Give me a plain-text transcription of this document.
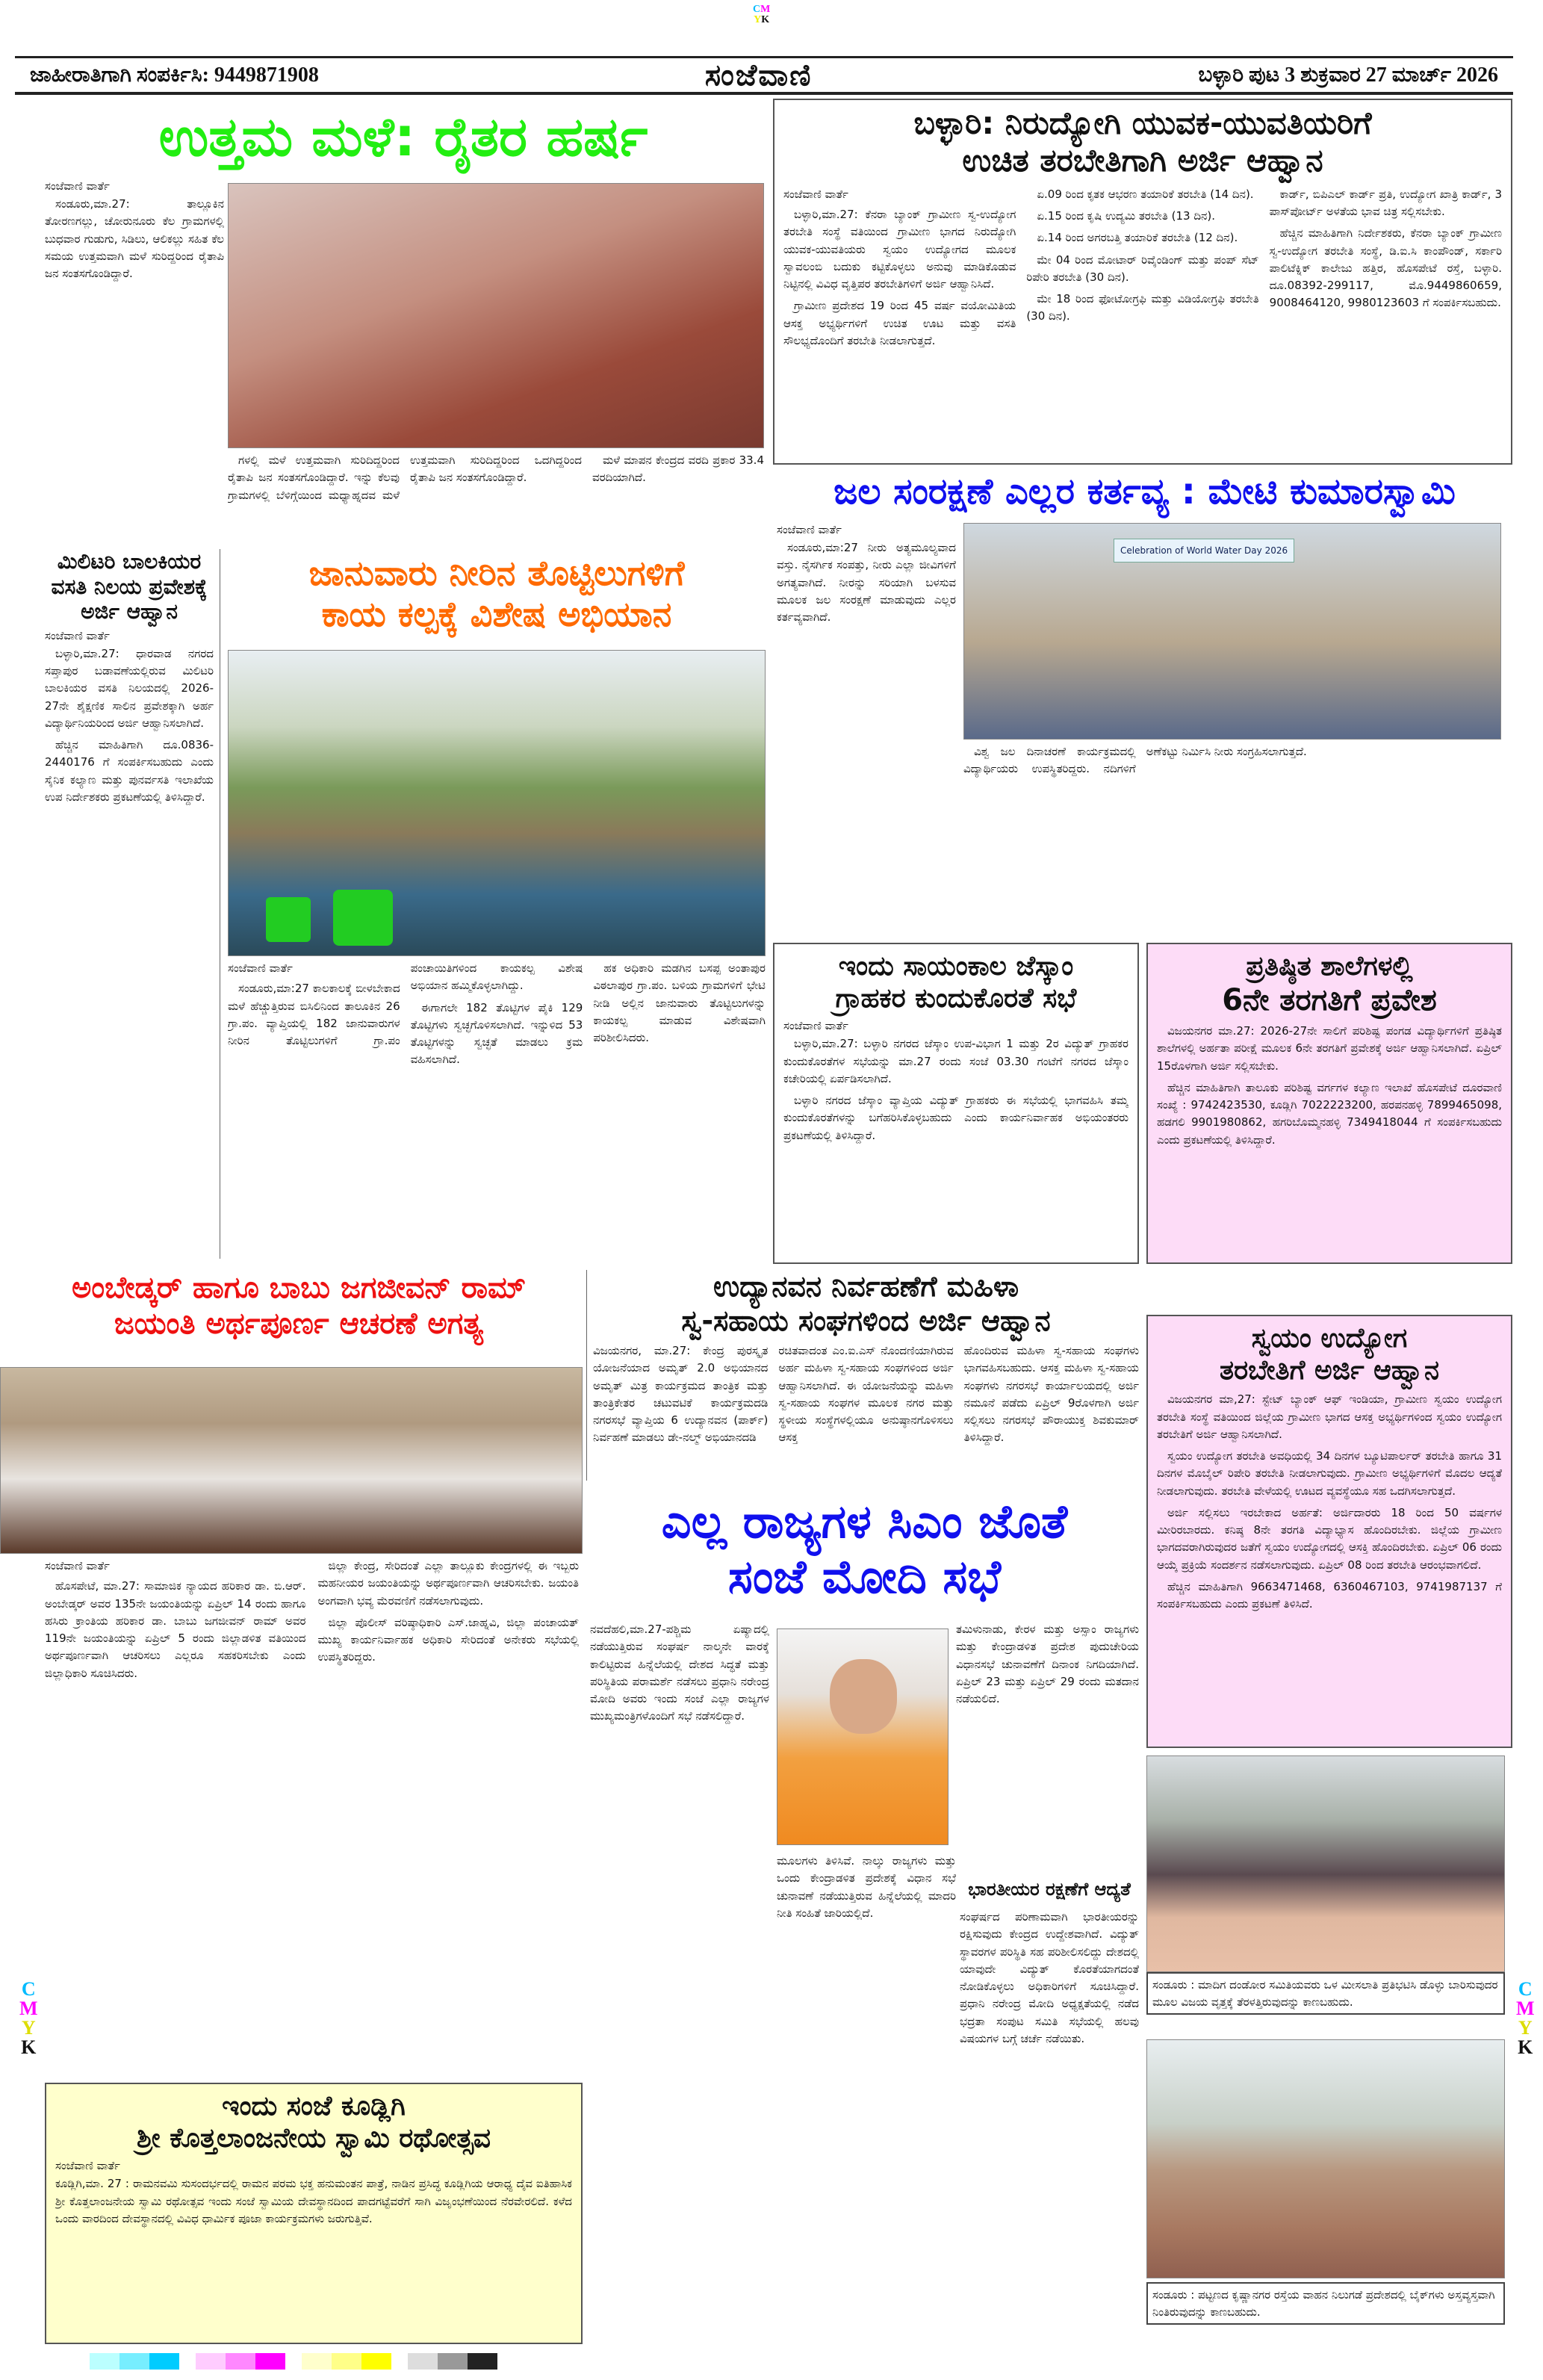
CM
YK
C
M
Y
K
C
M
Y
K
ಜಾಹೀರಾತಿಗಾಗಿ ಸಂಪರ್ಕಿಸಿ: 9449871908	ಸಂಜೆವಾಣಿ	ಬಳ್ಳಾರಿ ಪುಟ 3 ಶುಕ್ರವಾರ 27 ಮಾರ್ಚ್ 2026
ಉತ್ತಮ ಮಳೆ: ರೈತರ ಹರ್ಷ
ಸಂಜೆವಾಣಿ ವಾರ್ತೆ

ಸಂಡೂರು,ಮಾ.27: ತಾಲ್ಲೂಕಿನ ತೋರಣಗಲ್ಲು, ಚೋರುನೂರು ಕೆಲ ಗ್ರಾಮಗಳಲ್ಲಿ ಬುಧವಾರ ಗುಡುಗು, ಸಿಡಿಲು, ಆಲಿಕಲ್ಲು ಸಹಿತ ಕೆಲ ಸಮಯ ಉತ್ತಮವಾಗಿ ಮಳೆ ಸುರಿದ್ದರಿಂದ ರೈತಾಪಿ ಜನ ಸಂತಸಗೊಂಡಿದ್ದಾರೆ.

ಗಳಲ್ಲಿ ಮಳೆ ಉತ್ತಮವಾಗಿ ಸುರಿದಿದ್ದರಿಂದ ರೈತಾಪಿ ಜನ ಸಂತಸಗೊಂಡಿದ್ದಾರೆ. ಇನ್ನು ಕೆಲವು ಗ್ರಾಮಗಳಲ್ಲಿ ಬೆಳಿಗ್ಗೆಯಿಂದ ಮಧ್ಯಾಹ್ನದವ ಮಳೆ ಉತ್ತಮವಾಗಿ ಸುರಿದಿದ್ದರಿಂದ ಒದಗಿದ್ದರಿಂದ ರೈತಾಪಿ ಜನ ಸಂತಸಗೊಂಡಿದ್ದಾರೆ.

ಮಳೆ ಮಾಪನ ಕೇಂದ್ರದ ವರದಿ ಪ್ರಕಾರ 33.4 ವರದಿಯಾಗಿದೆ.

ಬಳ್ಳಾರಿ: ನಿರುದ್ಯೋಗಿ ಯುವಕ-ಯುವತಿಯರಿಗೆ
ಉಚಿತ ತರಬೇತಿಗಾಗಿ ಅರ್ಜಿ ಆಹ್ವಾನ
ಸಂಜೆವಾಣಿ ವಾರ್ತೆ

ಬಳ್ಳಾರಿ,ಮಾ.27: ಕೆನರಾ ಬ್ಯಾಂಕ್ ಗ್ರಾಮೀಣ ಸ್ವ-ಉದ್ಯೋಗ ತರಬೇತಿ ಸಂಸ್ಥೆ ವತಿಯಿಂದ ಗ್ರಾಮೀಣ ಭಾಗದ ನಿರುದ್ಯೋಗಿ ಯುವಕ-ಯುವತಿಯರು ಸ್ವಯಂ ಉದ್ಯೋಗದ ಮೂಲಕ ಸ್ವಾವಲಂಬಿ ಬದುಕು ಕಟ್ಟಿಕೊಳ್ಳಲು ಅನುವು ಮಾಡಿಕೊಡುವ ನಿಟ್ಟಿನಲ್ಲಿ ವಿವಿಧ ವೃತ್ತಿಪರ ತರಬೇತಿಗಳಿಗೆ ಅರ್ಜಿ ಆಹ್ವಾನಿಸಿದೆ.

ಗ್ರಾಮೀಣ ಪ್ರದೇಶದ 19 ರಿಂದ 45 ವರ್ಷ ವಯೋಮಿತಿಯ ಆಸಕ್ತ ಅಭ್ಯರ್ಥಿಗಳಿಗೆ ಉಚಿತ ಊಟ ಮತ್ತು ವಸತಿ ಸೌಲಭ್ಯದೊಂದಿಗೆ ತರಬೇತಿ ನೀಡಲಾಗುತ್ತದೆ.

ಏ.09 ರಿಂದ ಕೃತಕ ಆಭರಣ ತಯಾರಿಕೆ ತರಬೇತಿ (14 ದಿನ).

ಏ.15 ರಿಂದ ಕೃಷಿ ಉದ್ಯಮಿ ತರಬೇತಿ (13 ದಿನ).

ಏ.14 ರಿಂದ ಅಗರಬತ್ತಿ ತಯಾರಿಕೆ ತರಬೇತಿ (12 ದಿನ).

ಮೇ 04 ರಿಂದ ಮೋಟಾರ್ ರಿವೈಂಡಿಂಗ್ ಮತ್ತು ಪಂಪ್ ಸೆಟ್ ರಿಪೇರಿ ತರಬೇತಿ (30 ದಿನ).

ಮೇ 18 ರಿಂದ ಫೋಟೋಗ್ರಫಿ ಮತ್ತು ವಿಡಿಯೋಗ್ರಫಿ ತರಬೇತಿ (30 ದಿನ).

ಕಾರ್ಡ್, ಬಿಪಿಎಲ್ ಕಾರ್ಡ್ ಪ್ರತಿ, ಉದ್ಯೋಗ ಖಾತ್ರಿ ಕಾರ್ಡ್, 3 ಪಾಸ್‌ಪೋರ್ಟ್ ಅಳತೆಯ ಭಾವ ಚಿತ್ರ ಸಲ್ಲಿಸಬೇಕು.

ಹೆಚ್ಚಿನ ಮಾಹಿತಿಗಾಗಿ ನಿರ್ದೇಶಕರು, ಕೆನರಾ ಬ್ಯಾಂಕ್ ಗ್ರಾಮೀಣ ಸ್ವ-ಉದ್ಯೋಗ ತರಬೇತಿ ಸಂಸ್ಥೆ, ಡಿ.ಐ.ಸಿ ಕಾಂಪೌಂಡ್, ಸರ್ಕಾರಿ ಪಾಲಿಟೆಕ್ನಿಕ್ ಕಾಲೇಜು ಹತ್ತಿರ, ಹೊಸಪೇಟೆ ರಸ್ತೆ, ಬಳ್ಳಾರಿ. ದೂ.08392-299117, ಮೊ.9449860659, 9008464120, 9980123603 ಗೆ ಸಂಪರ್ಕಿಸಬಹುದು.

ಜಲ ಸಂರಕ್ಷಣೆ ಎಲ್ಲರ ಕರ್ತವ್ಯ : ಮೇಟಿ ಕುಮಾರಸ್ವಾಮಿ
ಸಂಜೆವಾಣಿ ವಾರ್ತೆ

ಸಂಡೂರು,ಮಾ:27 ನೀರು ಅತ್ಯಮೂಲ್ಯವಾದ ವಸ್ತು. ನೈಸರ್ಗಿಕ ಸಂಪತ್ತು, ನೀರು ಎಲ್ಲಾ ಜೀವಿಗಳಿಗೆ ಅಗತ್ಯವಾಗಿದೆ. ನೀರನ್ನು ಸರಿಯಾಗಿ ಬಳಸುವ ಮೂಲಕ ಜಲ ಸಂರಕ್ಷಣೆ ಮಾಡುವುದು ಎಲ್ಲರ ಕರ್ತವ್ಯವಾಗಿದೆ.

Celebration of World Water Day 2026

ವಿಶ್ವ ಜಲ ದಿನಾಚರಣೆ ಕಾರ್ಯಕ್ರಮದಲ್ಲಿ ವಿದ್ಯಾರ್ಥಿಯರು ಉಪಸ್ಥಿತರಿದ್ದರು. ನದಿಗಳಿಗೆ ಅಣೆಕಟ್ಟು ನಿರ್ಮಿಸಿ ನೀರು ಸಂಗ್ರಹಿಸಲಾಗುತ್ತದೆ.

ಮಿಲಿಟರಿ ಬಾಲಕಿಯರ ವಸತಿ ನಿಲಯ ಪ್ರವೇಶಕ್ಕೆ ಅರ್ಜಿ ಆಹ್ವಾನ
ಸಂಜೆವಾಣಿ ವಾರ್ತೆ

ಬಳ್ಳಾರಿ,ಮಾ.27: ಧಾರವಾಡ ನಗರದ ಸಪ್ತಾಪುರ ಬಡಾವಣೆಯಲ್ಲಿರುವ ಮಿಲಿಟರಿ ಬಾಲಕಿಯರ ವಸತಿ ನಿಲಯದಲ್ಲಿ 2026-27ನೇ ಶೈಕ್ಷಣಿಕ ಸಾಲಿನ ಪ್ರವೇಶಕ್ಕಾಗಿ ಅರ್ಹ ವಿದ್ಯಾರ್ಥಿನಿಯರಿಂದ ಅರ್ಜಿ ಆಹ್ವಾನಿಸಲಾಗಿದೆ.

ಹೆಚ್ಚಿನ ಮಾಹಿತಿಗಾಗಿ ದೂ.0836-2440176 ಗೆ ಸಂಪರ್ಕಿಸಬಹುದು ಎಂದು ಸೈನಿಕ ಕಲ್ಯಾಣ ಮತ್ತು ಪುನರ್ವಸತಿ ಇಲಾಖೆಯ ಉಪ ನಿರ್ದೇಶಕರು ಪ್ರಕಟಣೆಯಲ್ಲಿ ತಿಳಿಸಿದ್ದಾರೆ.

ಜಾನುವಾರು ನೀರಿನ ತೊಟ್ಟಿಲುಗಳಿಗೆ
ಕಾಯ ಕಲ್ಪಕ್ಕೆ ವಿಶೇಷ ಅಭಿಯಾನ
ಸಂಜೆವಾಣಿ ವಾರ್ತೆ

ಸಂಡೂರು,ಮಾ:27 ಕಾಲಕಾಲಕ್ಕೆ ಬೀಳಬೇಕಾದ ಮಳೆ ಹೆಚ್ಚುತ್ತಿರುವ ಬಿಸಿಲಿನಿಂದ ತಾಲೂಕಿನ 26 ಗ್ರಾ.ಪಂ. ವ್ಯಾಪ್ತಿಯಲ್ಲಿ 182 ಜಾನುವಾರುಗಳ ನೀರಿನ ತೊಟ್ಟಿಲುಗಳಿಗೆ ಗ್ರಾ.ಪಂ ಪಂಚಾಯಿತಿಗಳಿಂದ ಕಾಯಕಲ್ಪ ವಿಶೇಷ ಅಭಿಯಾನ ಹಮ್ಮಿಕೊಳ್ಳಲಾಗಿದ್ದು.

ಈಗಾಗಲೇ 182 ತೊಟ್ಟಿಗಳ ಪೈಕಿ 129 ತೊಟ್ಟಿಗಳು ಸ್ವಚ್ಛಗೊಳಿಸಲಾಗಿದೆ. ಇನ್ನುಳಿದ 53 ತೊಟ್ಟಿಗಳನ್ನು ಸ್ವಚ್ಛತೆ ಮಾಡಲು ಕ್ರಮ ವಹಿಸಲಾಗಿದೆ.

ಹಕ ಅಧಿಕಾರಿ ಮಡಗಿನ ಬಸಪ್ಪ ಅಂತಾಪುರ ವಿಠಲಾಪುರ ಗ್ರಾ.ಪಂ. ಬಳಿಯ ಗ್ರಾಮಗಳಿಗೆ ಭೇಟಿ ನೀಡಿ ಅಲ್ಲಿನ ಜಾನುವಾರು ತೊಟ್ಟಿಲುಗಳನ್ನು ಕಾಯಕಲ್ಪ ಮಾಡುವ ವಿಶೇಷವಾಗಿ ಪರಿಶೀಲಿಸಿದರು.

ಇಂದು ಸಾಯಂಕಾಲ ಜೆಸ್ಕಾಂ
ಗ್ರಾಹಕರ ಕುಂದುಕೊರತೆ ಸಭೆ
ಸಂಜೆವಾಣಿ ವಾರ್ತೆ

ಬಳ್ಳಾರಿ,ಮಾ.27: ಬಳ್ಳಾರಿ ನಗರದ ಜೆಸ್ಕಾಂ ಉಪ-ವಿಭಾಗ 1 ಮತ್ತು 2ರ ವಿದ್ಯುತ್ ಗ್ರಾಹಕರ ಕುಂದುಕೊರತೆಗಳ ಸಭೆಯನ್ನು ಮಾ.27 ರಂದು ಸಂಜೆ 03.30 ಗಂಟೆಗೆ ನಗರದ ಜೆಸ್ಕಾಂ ಕಚೇರಿಯಲ್ಲಿ ಏರ್ಪಡಿಸಲಾಗಿದೆ.

ಬಳ್ಳಾರಿ ನಗರದ ಜೆಸ್ಕಾಂ ವ್ಯಾಪ್ತಿಯ ವಿದ್ಯುತ್ ಗ್ರಾಹಕರು ಈ ಸಭೆಯಲ್ಲಿ ಭಾಗವಹಿಸಿ ತಮ್ಮ ಕುಂದುಕೊರತೆಗಳನ್ನು ಬಗೆಹರಿಸಿಕೊಳ್ಳಬಹುದು ಎಂದು ಕಾರ್ಯನಿರ್ವಾಹಕ ಅಭಿಯಂತರರು ಪ್ರಕಟಣೆಯಲ್ಲಿ ತಿಳಿಸಿದ್ದಾರೆ.

ಪ್ರತಿಷ್ಠಿತ ಶಾಲೆಗಳಲ್ಲಿ
6ನೇ ತರಗತಿಗೆ ಪ್ರವೇಶ

ವಿಜಯನಗರ ಮಾ.27: 2026-27ನೇ ಸಾಲಿಗೆ ಪರಿಶಿಷ್ಟ ಪಂಗಡ ವಿದ್ಯಾರ್ಥಿಗಳಿಗೆ ಪ್ರತಿಷ್ಠಿತ ಶಾಲೆಗಳಲ್ಲಿ ಅರ್ಹತಾ ಪರೀಕ್ಷೆ ಮೂಲಕ 6ನೇ ತರಗತಿಗೆ ಪ್ರವೇಶಕ್ಕೆ ಅರ್ಜಿ ಆಹ್ವಾನಿಸಲಾಗಿದೆ. ಏಪ್ರಿಲ್ 15ರೊಳಗಾಗಿ ಅರ್ಜಿ ಸಲ್ಲಿಸಬೇಕು.

ಹೆಚ್ಚಿನ ಮಾಹಿತಿಗಾಗಿ ತಾಲೂಕು ಪರಿಶಿಷ್ಟ ವರ್ಗಗಳ ಕಲ್ಯಾಣ ಇಲಾಖೆ ಹೊಸಪೇಟೆ ದೂರವಾಣಿ ಸಂಖ್ಯೆ : 9742423530, ಕೂಡ್ಲಿಗಿ 7022223200, ಹರಪನಹಳ್ಳಿ 7899465098, ಹಡಗಲಿ 9901980862, ಹಗರಿಬೊಮ್ಮನಹಳ್ಳಿ 7349418044 ಗೆ ಸಂಪರ್ಕಿಸಬಹುದು ಎಂದು ಪ್ರಕಟಣೆಯಲ್ಲಿ ತಿಳಿಸಿದ್ದಾರೆ.

ಅಂಬೇಡ್ಕರ್ ಹಾಗೂ ಬಾಬು ಜಗಜೀವನ್ ರಾಮ್
ಜಯಂತಿ ಅರ್ಥಪೂರ್ಣ ಆಚರಣೆ ಅಗತ್ಯ
ಸಂಜೆವಾಣಿ ವಾರ್ತೆ

ಹೊಸಪೇಟೆ, ಮಾ.27: ಸಾಮಾಜಿಕ ನ್ಯಾಯದ ಹರಿಕಾರ ಡಾ. ಬಿ.ಆರ್. ಅಂಬೇಡ್ಕರ್ ಅವರ 135ನೇ ಜಯಂತಿಯನ್ನು ಏಪ್ರಿಲ್ 14 ರಂದು ಹಾಗೂ ಹಸಿರು ಕ್ರಾಂತಿಯ ಹರಿಕಾರ ಡಾ. ಬಾಬು ಜಗಜೀವನ್ ರಾಮ್ ಅವರ 119ನೇ ಜಯಂತಿಯನ್ನು ಏಪ್ರಿಲ್ 5 ರಂದು ಜಿಲ್ಲಾಡಳಿತ ವತಿಯಿಂದ ಅರ್ಥಪೂರ್ಣವಾಗಿ ಆಚರಿಸಲು ಎಲ್ಲರೂ ಸಹಕರಿಸಬೇಕು ಎಂದು ಜಿಲ್ಲಾಧಿಕಾರಿ ಸೂಚಿಸಿದರು.

ಜಿಲ್ಲಾ ಕೇಂದ್ರ, ಸೇರಿದಂತೆ ಎಲ್ಲಾ ತಾಲ್ಲೂಕು ಕೇಂದ್ರಗಳಲ್ಲಿ ಈ ಇಬ್ಬರು ಮಹನೀಯರ ಜಯಂತಿಯನ್ನು ಅರ್ಥಪೂರ್ಣವಾಗಿ ಆಚರಿಸಬೇಕು. ಜಯಂತಿ ಅಂಗವಾಗಿ ಭವ್ಯ ಮೆರವಣಿಗೆ ನಡೆಸಲಾಗುವುದು.

ಜಿಲ್ಲಾ ಪೊಲೀಸ್ ವರಿಷ್ಠಾಧಿಕಾರಿ ಎಸ್.ಜಾಹ್ನವಿ, ಜಿಲ್ಲಾ ಪಂಚಾಯತ್ ಮುಖ್ಯ ಕಾರ್ಯನಿರ್ವಾಹಕ ಅಧಿಕಾರಿ ಸೇರಿದಂತೆ ಅನೇಕರು ಸಭೆಯಲ್ಲಿ ಉಪಸ್ಥಿತರಿದ್ದರು.

ಉದ್ಯಾನವನ ನಿರ್ವಹಣೆಗೆ ಮಹಿಳಾ
ಸ್ವ-ಸಹಾಯ ಸಂಘಗಳಿಂದ ಅರ್ಜಿ ಆಹ್ವಾನ
ವಿಜಯನಗರ, ಮಾ.27: ಕೇಂದ್ರ ಪುರಸ್ಕೃತ ಯೋಜನೆಯಾದ ಅಮೃತ್ 2.0 ಅಭಿಯಾನದ ಅಮೃತ್ ಮಿತ್ರ ಕಾರ್ಯಕ್ರಮದ ತಾಂತ್ರಿಕ ಮತ್ತು ತಾಂತ್ರಿಕೇತರ ಚಟುವಟಿಕೆ ಕಾರ್ಯಕ್ರಮದಡಿ ನಗರಸಭೆ ವ್ಯಾಪ್ತಿಯ 6 ಉದ್ಯಾನವನ (ಪಾರ್ಕ್) ನಿರ್ವಹಣೆ ಮಾಡಲು ಡೇ-ನಲ್ಮ್ ಅಭಿಯಾನದಡಿ
ರಚಿತವಾದಂತ ಎಂ.ಐ.ಎಸ್ ನೊಂದಣಿಯಾಗಿರುವ ಅರ್ಹ ಮಹಿಳಾ ಸ್ವ-ಸಹಾಯ ಸಂಘಗಳಿಂದ ಅರ್ಜಿ ಆಹ್ವಾನಿಸಲಾಗಿದೆ. ಈ ಯೋಜನೆಯನ್ನು ಮಹಿಳಾ ಸ್ವ-ಸಹಾಯ ಸಂಘಗಳ ಮೂಲಕ ನಗರ ಮತ್ತು ಸ್ಥಳೀಯ ಸಂಸ್ಥೆಗಳಲ್ಲಿಯೂ ಅನುಷ್ಠಾನಗೊಳಿಸಲು ಆಸಕ್ತ
ಹೊಂದಿರುವ ಮಹಿಳಾ ಸ್ವ-ಸಹಾಯ ಸಂಘಗಳು ಭಾಗವಹಿಸಬಹುದು. ಆಸಕ್ತ ಮಹಿಳಾ ಸ್ವ-ಸಹಾಯ ಸಂಘಗಳು ನಗರಸಭೆ ಕಾರ್ಯಾಲಯದಲ್ಲಿ ಅರ್ಜಿ ನಮೂನೆ ಪಡೆದು ಏಪ್ರಿಲ್ 9ರೊಳಗಾಗಿ ಅರ್ಜಿ ಸಲ್ಲಿಸಲು ನಗರಸಭೆ ಪೌರಾಯುಕ್ತ ಶಿವಕುಮಾರ್ ತಿಳಿಸಿದ್ದಾರೆ.
ಸ್ವಯಂ ಉದ್ಯೋಗ
ತರಬೇತಿಗೆ ಅರ್ಜಿ ಆಹ್ವಾನ

ವಿಜಯನಗರ ಮಾ,27: ಸ್ಟೇಟ್ ಬ್ಯಾಂಕ್ ಆಫ್ ಇಂಡಿಯಾ, ಗ್ರಾಮೀಣ ಸ್ವಯಂ ಉದ್ಯೋಗ ತರಬೇತಿ ಸಂಸ್ಥೆ ವತಿಯಿಂದ ಜಿಲ್ಲೆಯ ಗ್ರಾಮೀಣ ಭಾಗದ ಆಸಕ್ತ ಅಭ್ಯರ್ಥಿಗಳಿಂದ ಸ್ವಯಂ ಉದ್ಯೋಗ ತರಬೇತಿಗೆ ಅರ್ಜಿ ಆಹ್ವಾನಿಸಲಾಗಿದೆ.

ಸ್ವಯಂ ಉದ್ಯೋಗ ತರಬೇತಿ ಅವಧಿಯಲ್ಲಿ 34 ದಿನಗಳ ಬ್ಯೂಟಿಪಾರ್ಲರ್ ತರಬೇತಿ ಹಾಗೂ 31 ದಿನಗಳ ಮೊಬೈಲ್ ರಿಪೇರಿ ತರಬೇತಿ ನೀಡಲಾಗುವುದು. ಗ್ರಾಮೀಣ ಅಭ್ಯರ್ಥಿಗಳಿಗೆ ಮೊದಲ ಆದ್ಯತೆ ನೀಡಲಾಗುವುದು. ತರಬೇತಿ ವೇಳೆಯಲ್ಲಿ ಊಟದ ವ್ಯವಸ್ಥೆಯೂ ಸಹ ಒದಗಿಸಲಾಗುತ್ತದೆ.

ಅರ್ಜಿ ಸಲ್ಲಿಸಲು ಇರಬೇಕಾದ ಅರ್ಹತೆ: ಅರ್ಜಿದಾರರು 18 ರಿಂದ 50 ವರ್ಷಗಳ ಮೀರಿರಬಾರದು. ಕನಿಷ್ಠ 8ನೇ ತರಗತಿ ವಿದ್ಯಾಭ್ಯಾಸ ಹೊಂದಿರಬೇಕು. ಜಿಲ್ಲೆಯ ಗ್ರಾಮೀಣ ಭಾಗದವರಾಗಿರುವುದರ ಜತೆಗೆ ಸ್ವಯಂ ಉದ್ಯೋಗದಲ್ಲಿ ಆಸಕ್ತಿ ಹೊಂದಿರಬೇಕು. ಏಪ್ರಿಲ್ 06 ರಂದು ಆಯ್ಕೆ ಪ್ರಕ್ರಿಯೆ ಸಂದರ್ಶನ ನಡೆಸಲಾಗುವುದು. ಏಪ್ರಿಲ್ 08 ರಿಂದ ತರಬೇತಿ ಆರಂಭವಾಗಲಿದೆ.

ಹೆಚ್ಚಿನ ಮಾಹಿತಿಗಾಗಿ 9663471468, 6360467103, 9741987137 ಗೆ ಸಂಪರ್ಕಿಸಬಹುದು ಎಂದು ಪ್ರಕಟಣೆ ತಿಳಿಸಿದೆ.

ಎಲ್ಲ ರಾಜ್ಯಗಳ ಸಿಎಂ ಜೊತೆ
ಸಂಜೆ ಮೋದಿ ಸಭೆ
ನವದೆಹಲಿ,ಮಾ.27-ಪಶ್ಚಿಮ ಏಷ್ಯಾದಲ್ಲಿ ನಡೆಯುತ್ತಿರುವ ಸಂಘರ್ಷ ನಾಲ್ಕನೇ ವಾರಕ್ಕೆ ಕಾಲಿಟ್ಟಿರುವ ಹಿನ್ನೆಲೆಯಲ್ಲಿ ದೇಶದ ಸಿದ್ಧತೆ ಮತ್ತು ಪರಿಸ್ಥಿತಿಯ ಪರಾಮರ್ಶೆ ನಡೆಸಲು ಪ್ರಧಾನಿ ನರೇಂದ್ರ ಮೋದಿ ಅವರು ಇಂದು ಸಂಜೆ ಎಲ್ಲಾ ರಾಜ್ಯಗಳ ಮುಖ್ಯಮಂತ್ರಿಗಳೊಂದಿಗೆ ಸಭೆ ನಡೆಸಲಿದ್ದಾರೆ.
ತಮಿಳುನಾಡು, ಕೇರಳ ಮತ್ತು ಅಸ್ಸಾಂ ರಾಜ್ಯಗಳು ಮತ್ತು ಕೇಂದ್ರಾಡಳಿತ ಪ್ರದೇಶ ಪುದುಚೇರಿಯ ವಿಧಾನಸಭೆ ಚುನಾವಣೆಗೆ ದಿನಾಂಕ ನಿಗದಿಯಾಗಿದೆ. ಏಪ್ರಿಲ್ 23 ಮತ್ತು ಏಪ್ರಿಲ್ 29 ರಂದು ಮತದಾನ ನಡೆಯಲಿದೆ.
ಮೂಲಗಳು ತಿಳಿಸಿವೆ. ನಾಲ್ಕು ರಾಜ್ಯಗಳು ಮತ್ತು ಒಂದು ಕೇಂದ್ರಾಡಳಿತ ಪ್ರದೇಶಕ್ಕೆ ವಿಧಾನ ಸಭೆ ಚುನಾವಣೆ ನಡೆಯುತ್ತಿರುವ ಹಿನ್ನೆಲೆಯಲ್ಲಿ ಮಾದರಿ ನೀತಿ ಸಂಹಿತೆ ಜಾರಿಯಲ್ಲಿದೆ.
ಭಾರತೀಯರ ರಕ್ಷಣೆಗೆ ಆದ್ಯತೆ
ಸಂಘರ್ಷದ ಪರಿಣಾಮವಾಗಿ ಭಾರತೀಯರನ್ನು ರಕ್ಷಿಸುವುದು ಕೇಂದ್ರದ ಉದ್ದೇಶವಾಗಿದೆ. ವಿದ್ಯುತ್ ಸ್ಥಾವರಗಳ ಪರಿಸ್ಥಿತಿ ಸಹ ಪರಿಶೀಲಿಸಲಿದ್ದು ದೇಶದಲ್ಲಿ ಯಾವುದೇ ವಿದ್ಯುತ್ ಕೊರತೆಯಾಗದಂತೆ ನೋಡಿಕೊಳ್ಳಲು ಅಧಿಕಾರಿಗಳಿಗೆ ಸೂಚಿಸಿದ್ದಾರೆ. ಪ್ರಧಾನಿ ನರೇಂದ್ರ ಮೋದಿ ಅಧ್ಯಕ್ಷತೆಯಲ್ಲಿ ನಡೆದ ಭದ್ರತಾ ಸಂಪುಟ ಸಮಿತಿ ಸಭೆಯಲ್ಲಿ ಹಲವು ವಿಷಯಗಳ ಬಗ್ಗೆ ಚರ್ಚೆ ನಡೆಯಿತು.
ಸಂಡೂರು : ಮಾದಿಗ ದಂಡೋರ ಸಮಿತಿಯವರು ಒಳ ಮೀಸಲಾತಿ ಪ್ರತಿಭಟಿಸಿ ಡೊಳ್ಳು ಬಾರಿಸುವುದರ ಮೂಲ ವಿಜಯ ವೃತ್ತಕ್ಕೆ ತೆರಳತ್ತಿರುವುದನ್ನು ಕಾಣಬಹುದು.
ಸಂಡೂರು : ಪಟ್ಟಣದ ಕೃಷ್ಣಾನಗರ ರಸ್ತೆಯ ವಾಹನ ನಿಲುಗಡೆ ಪ್ರದೇಶದಲ್ಲಿ ಬೈಕ್‌ಗಳು ಅಸ್ತವ್ಯಸ್ತವಾಗಿ ನಿಂತಿರುವುದನ್ನು ಕಾಣಬಹುದು.
ಇಂದು ಸಂಜೆ ಕೂಡ್ಲಿಗಿ
ಶ್ರೀ ಕೊತ್ತಲಾಂಜನೇಯ ಸ್ವಾಮಿ ರಥೋತ್ಸವ
ಸಂಜೆವಾಣಿ ವಾರ್ತೆ
ಕೂಡ್ಲಿಗಿ,ಮಾ. 27 : ರಾಮನವಮಿ ಸುಸಂದರ್ಭದಲ್ಲಿ ರಾಮನ ಪರಮ ಭಕ್ತ ಹನುಮಂತನ ಪಾತ್ರೆ, ನಾಡಿನ ಪ್ರಸಿದ್ಧ ಕೂಡ್ಲಿಗಿಯ ಆರಾಧ್ಯ ದೈವ ಐತಿಹಾಸಿಕ ಶ್ರೀ ಕೊತ್ತಲಾಂಜನೇಯ ಸ್ವಾಮಿ ರಥೋತ್ಸವ ಇಂದು ಸಂಜೆ ಸ್ವಾಮಿಯ ದೇವಸ್ಥಾನದಿಂದ ಪಾದಗಟ್ಟೆವರೆಗೆ ಸಾಗಿ ವಿಜೃಂಭಣೆಯಿಂದ ನೆರವೇರಲಿದೆ. ಕಳೆದ ಒಂದು ವಾರದಿಂದ ದೇವಸ್ಥಾನದಲ್ಲಿ ವಿವಿಧ ಧಾರ್ಮಿಕ ಪೂಜಾ ಕಾರ್ಯಕ್ರಮಗಳು ಜರುಗುತ್ತಿವೆ.
